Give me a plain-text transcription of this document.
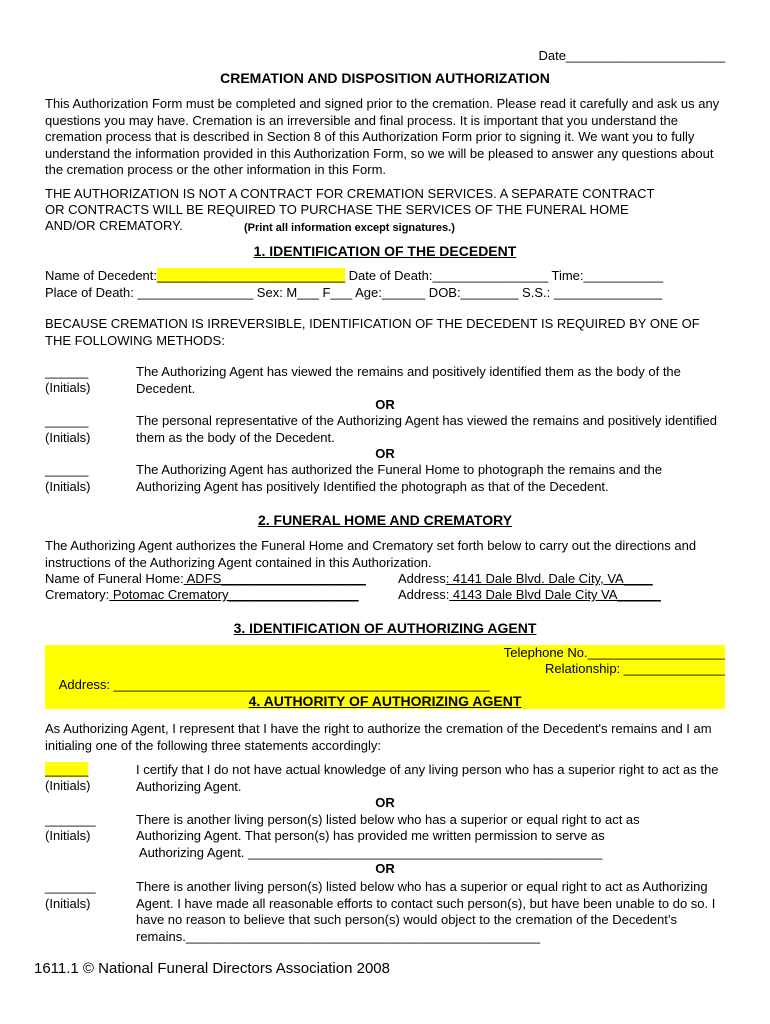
Date______________________
CREMATION AND DISPOSITION AUTHORIZATION
This Authorization Form must be completed and signed prior to the cremation. Please read it carefully and ask us any questions you may have. Cremation is an irreversible and final process. It is important that you understand the cremation process that is described in Section 8 of this Authorization Form prior to signing it. We want you to fully understand the information provided in this Authorization Form, so we will be pleased to answer any questions about the cremation process or the other information in this Form.
THE AUTHORIZATION IS NOT A CONTRACT FOR CREMATION SERVICES. A SEPARATE CONTRACT
OR CONTRACTS WILL BE REQUIRED TO PURCHASE THE SERVICES OF THE FUNERAL HOME
AND/OR CREMATORY.	(Print all information except signatures.)
1. IDENTIFICATION OF THE DECEDENT
Name of Decedent:__________________________ Date of Death:________________ Time:___________
Place of Death: ________________ Sex: M___ F___ Age:______ DOB:________ S.S.: _______________
BECAUSE CREMATION IS IRREVERSIBLE, IDENTIFICATION OF THE DECEDENT IS REQUIRED BY ONE OF THE FOLLOWING METHODS:
______
(Initials)
The Authorizing Agent has viewed the remains and positively identified them as the body of the Decedent.
OR
______
(Initials)
The personal representative of the Authorizing Agent has viewed the remains and positively identified them as the body of the Decedent.
OR
______
(Initials)
The Authorizing Agent has authorized the Funeral Home to photograph the remains and the Authorizing Agent has positively Identified the photograph as that of the Decedent.
2. FUNERAL HOME AND CREMATORY
The Authorizing Agent authorizes the Funeral Home and Crematory set forth below to carry out the directions and instructions of the Authorizing Agent contained in this Authorization.
Name of Funeral Home: ADFS____________________ Address: 4141 Dale Blvd. Dale City, VA____
Crematory: Potomac Crematory__________________	Address: 4143 Dale Blvd Dale City VA______
3. IDENTIFICATION OF AUTHORIZING AGENT

Telephone No.___________________

Address: ____________________________________________________

Relationship: ______________
4. AUTHORITY OF AUTHORIZING AGENT
As Authorizing Agent, I represent that I have the right to authorize the cremation of the Decedent's remains and I am initialing one of the following three statements accordingly:
______
(Initials)
I certify that I do not have actual knowledge of any living person who has a superior right to act as the Authorizing Agent.
OR
_______
(Initials)
There is another living person(s) listed below who has a superior or equal right to act as
Authorizing Agent. That person(s) has provided me written permission to serve as
Authorizing Agent. _________________________________________________
OR
_______
(Initials)
There is another living person(s) listed below who has a superior or equal right to act as Authorizing Agent. I have made all reasonable efforts to contact such person(s), but have been unable to do so. I have no reason to believe that such person(s) would object to the cremation of the Decedent’s remains._________________________________________________
1611.1 © National Funeral Directors Association 2008
